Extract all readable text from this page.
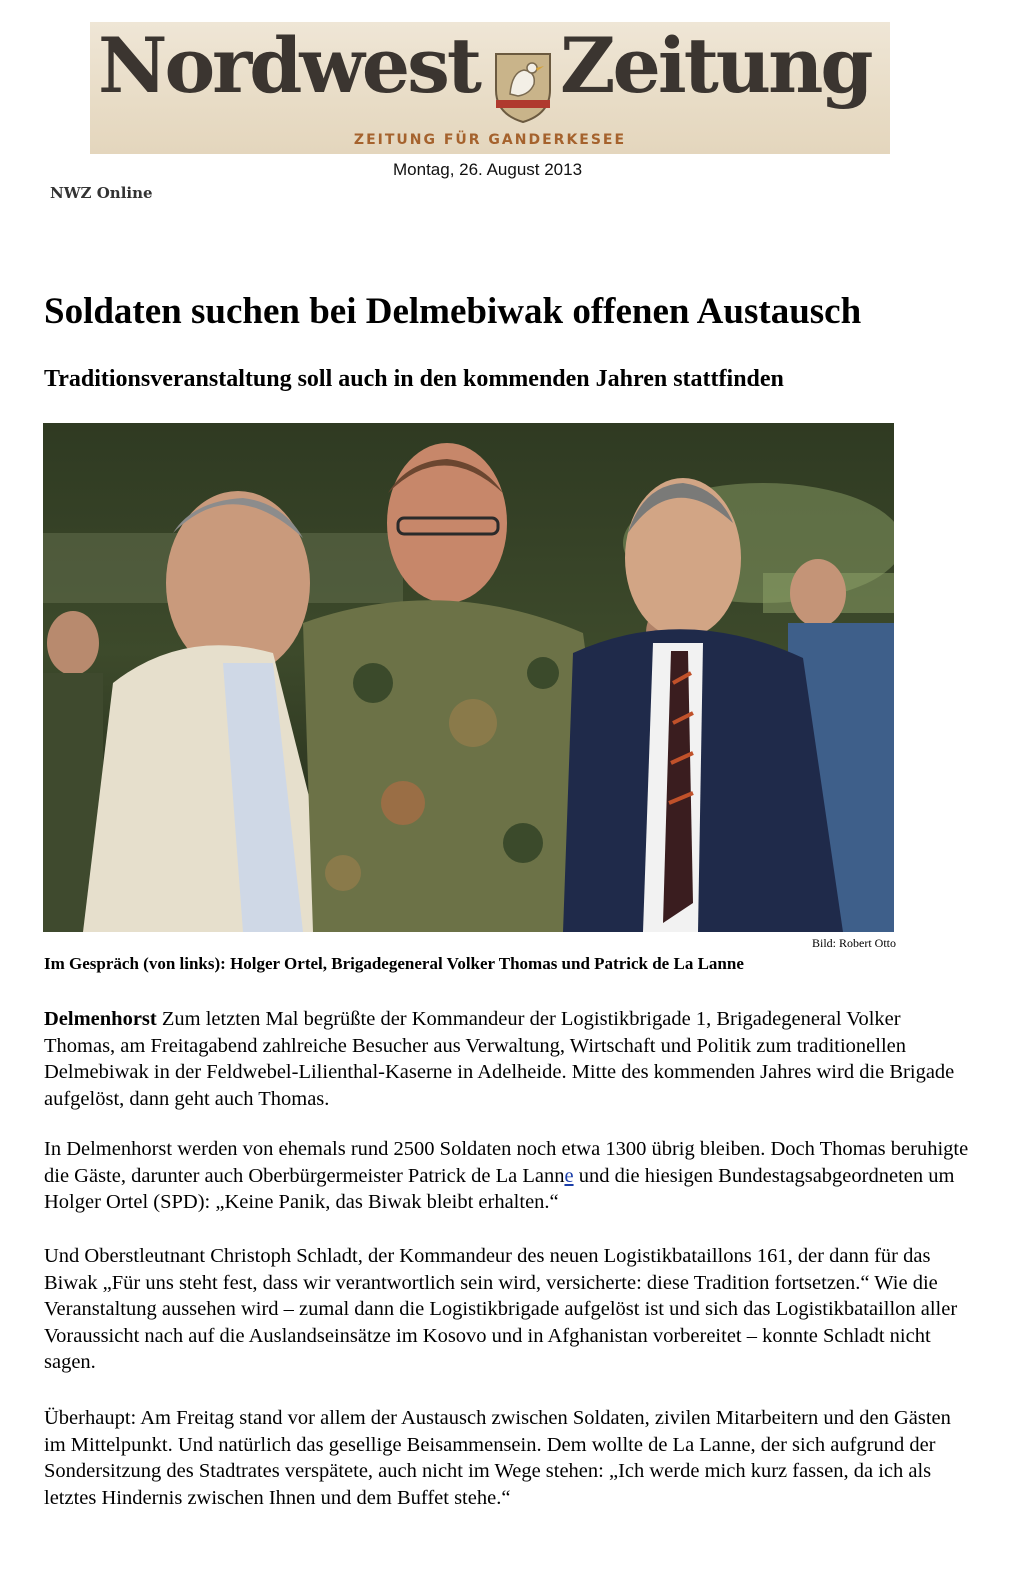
Nordwest Zeitung
ZEITUNG FÜR GANDERKESEE
Montag, 26. August 2013
NWZ Online
Soldaten suchen bei Delmebiwak offenen Austausch
Traditionsveranstaltung soll auch in den kommenden Jahren stattfinden
Bild: Robert Otto
Im Gespräch (von links): Holger Ortel, Brigadegeneral Volker Thomas und Patrick de La Lanne

Delmenhorst Zum letzten Mal begrüßte der Kommandeur der Logistikbrigade 1, Brigadegeneral Volker Thomas, am Freitagabend zahlreiche Besucher aus Verwaltung, Wirtschaft und Politik zum traditionellen Delmebiwak in der Feldwebel-Lilienthal-Kaserne in Adelheide. Mitte des kommenden Jahres wird die Brigade aufgelöst, dann geht auch Thomas.

In Delmenhorst werden von ehemals rund 2500 Soldaten noch etwa 1300 übrig bleiben. Doch Thomas beruhigte die Gäste, darunter auch Oberbürgermeister Patrick de La Lanne und die hiesigen Bundestagsabgeordneten um Holger Ortel (SPD): „Keine Panik, das Biwak bleibt erhalten.“

Und Oberstleutnant Christoph Schladt, der Kommandeur des neuen Logistikbataillons 161, der dann für das Biwak „Für uns steht fest, dass wir verantwortlich sein wird, versicherte: diese Tradition fortsetzen.“ Wie die Veranstaltung aussehen wird – zumal dann die Logistikbrigade aufgelöst ist und sich das Logistikbataillon aller Voraussicht nach auf die Auslandseinsätze im Kosovo und in Afghanistan vorbereitet – konnte Schladt nicht sagen.

Überhaupt: Am Freitag stand vor allem der Austausch zwischen Soldaten, zivilen Mitarbeitern und den Gästen im Mittelpunkt. Und natürlich das gesellige Beisammensein. Dem wollte de La Lanne, der sich aufgrund der Sondersitzung des Stadtrates verspätete, auch nicht im Wege stehen: „Ich werde mich kurz fassen, da ich als letztes Hindernis zwischen Ihnen und dem Buffet stehe.“
